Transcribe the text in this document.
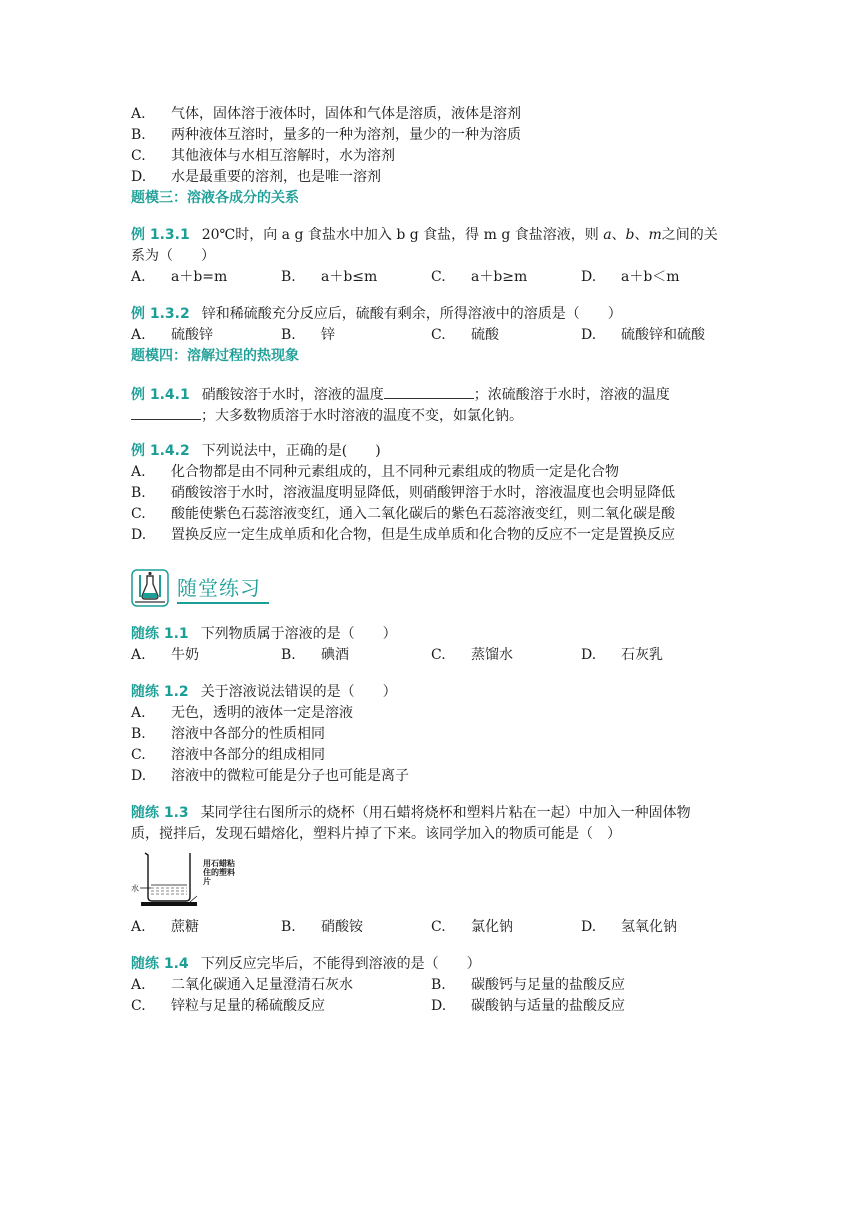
A.	气体，固体溶于液体时，固体和气体是溶质，液体是溶剂
B.	两种液体互溶时，量多的一种为溶剂，量少的一种为溶质
C.	其他液体与水相互溶解时，水为溶剂
D.	水是最重要的溶剂，也是唯一溶剂
题模三：溶液各成分的关系
例 1.3.1 20℃时，向 a g 食盐水中加入 b g 食盐，得 m g 食盐溶液，则 a、b、m之间的关
系为（　　）
A.	a＋b=m	B.	a＋b≤m	C.	a＋b≥m	D.	a＋b＜m
例 1.3.2 锌和稀硫酸充分反应后，硫酸有剩余，所得溶液中的溶质是（　　）
A.	硫酸锌	B.	锌	C.	硫酸	D.	硫酸锌和硫酸
题模四：溶解过程的热现象
例 1.4.1 硝酸铵溶于水时，溶液的温度	；浓硫酸溶于水时，溶液的温度
；大多数物质溶于水时溶液的温度不变，如氯化钠。
例 1.4.2 下列说法中，正确的是(　　)
A.	化合物都是由不同种元素组成的，且不同种元素组成的物质一定是化合物
B.	硝酸铵溶于水时，溶液温度明显降低，则硝酸钾溶于水时，溶液温度也会明显降低
C.	酸能使紫色石蕊溶液变红，通入二氧化碳后的紫色石蕊溶液变红，则二氧化碳是酸
D.	置换反应一定生成单质和化合物，但是生成单质和化合物的反应不一定是置换反应
随堂练习
随练 1.1 下列物质属于溶液的是（　　）
A.	牛奶	B.	碘酒	C.	蒸馏水	D.	石灰乳
随练 1.2 关于溶液说法错误的是（　　）
A.	无色，透明的液体一定是溶液
B.	溶液中各部分的性质相同
C.	溶液中各部分的组成相同
D.	溶液中的微粒可能是分子也可能是离子
随练 1.3 某同学往右图所示的烧杯（用石蜡将烧杯和塑料片粘在一起）中加入一种固体物
质，搅拌后，发现石蜡熔化，塑料片掉了下来。该同学加入的物质可能是（　）
水
用石蜡粘住的塑料片
A.	蔗糖	B.	硝酸铵	C.	氯化钠	D.	氢氧化钠
随练 1.4 下列反应完毕后，不能得到溶液的是（　　）
A.	二氧化碳通入足量澄清石灰水	B.	碳酸钙与足量的盐酸反应
C.	锌粒与足量的稀硫酸反应	D.	碳酸钠与适量的盐酸反应
